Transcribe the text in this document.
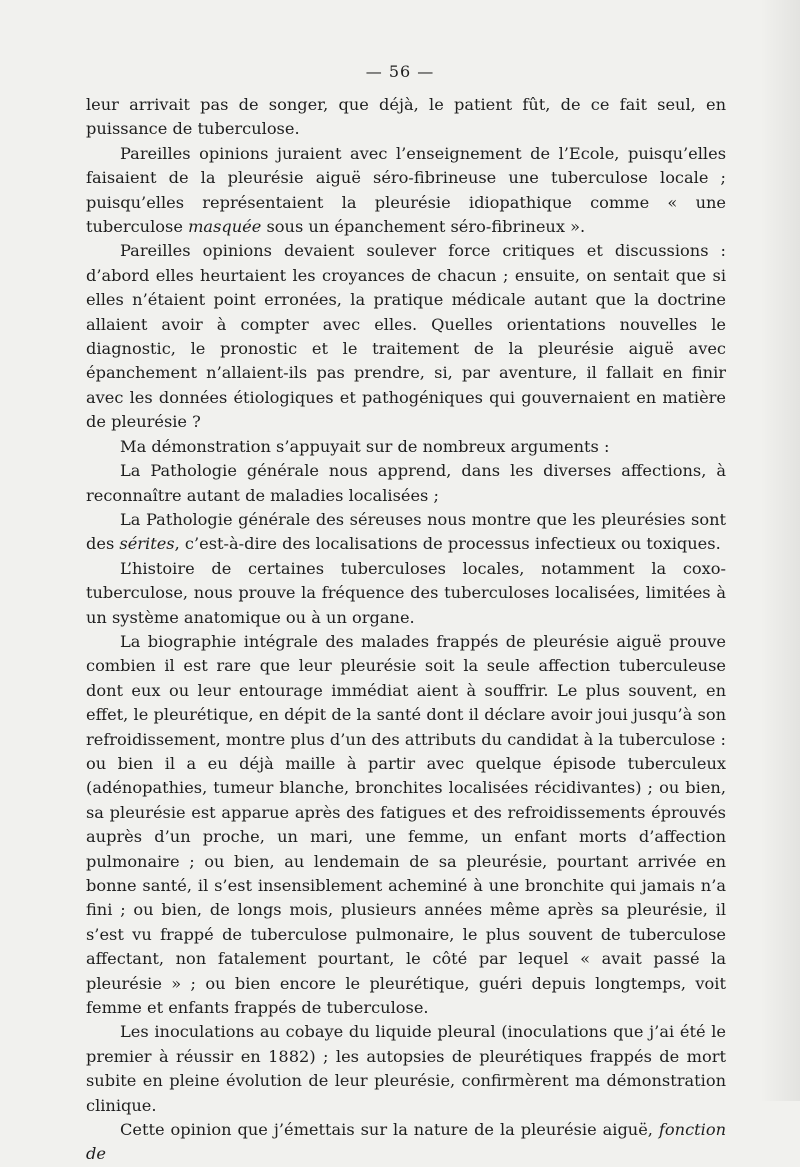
— 56 —

leur arrivait pas de songer, que déjà, le patient fût, de ce fait seul, en puissance de tuberculose.

Pareilles opinions juraient avec l’enseignement de l’Ecole, puisqu’elles faisaient de la pleurésie aiguë séro-fibrineuse une tuberculose locale ; puisqu’elles représentaient la pleurésie idiopathique comme « une tuberculose masquée sous un épanchement séro-fibrineux ».

Pareilles opinions devaient soulever force critiques et discussions : d’abord elles heurtaient les croyances de chacun ; ensuite, on sentait que si elles n’étaient point erronées, la pratique médicale autant que la doctrine allaient avoir à compter avec elles. Quelles orientations nouvelles le diagnostic, le pronostic et le traitement de la pleurésie aiguë avec épanchement n’allaient-ils pas prendre, si, par aventure, il fallait en finir avec les données étiologiques et pathogéniques qui gouvernaient en matière de pleurésie ?

Ma démonstration s’appuyait sur de nombreux arguments :

La Pathologie générale nous apprend, dans les diverses affections, à reconnaître autant de maladies localisées ;

La Pathologie générale des séreuses nous montre que les pleurésies sont des sérites, c’est-à-dire des localisations de processus infectieux ou toxiques.

L’histoire de certaines tuberculoses locales, notamment la coxo-tuberculose, nous prouve la fréquence des tuberculoses localisées, limitées à un système anatomique ou à un organe.

La biographie intégrale des malades frappés de pleurésie aiguë prouve combien il est rare que leur pleurésie soit la seule affection tuberculeuse dont eux ou leur entourage immédiat aient à souffrir. Le plus souvent, en effet, le pleurétique, en dépit de la santé dont il déclare avoir joui jusqu’à son refroidissement, montre plus d’un des attributs du candidat à la tuberculose : ou bien il a eu déjà maille à partir avec quelque épisode tuberculeux (adénopathies, tumeur blanche, bronchites localisées récidivantes) ; ou bien, sa pleurésie est apparue après des fatigues et des refroidissements éprouvés auprès d’un proche, un mari, une femme, un enfant morts d’affection pulmonaire ; ou bien, au lendemain de sa pleurésie, pourtant arrivée en bonne santé, il s’est insensiblement acheminé à une bronchite qui jamais n’a fini ; ou bien, de longs mois, plusieurs années même après sa pleurésie, il s’est vu frappé de tuberculose pulmonaire, le plus souvent de tuberculose affectant, non fatalement pourtant, le côté par lequel « avait passé la pleurésie » ; ou bien encore le pleurétique, guéri depuis longtemps, voit femme et enfants frappés de tuberculose.

Les inoculations au cobaye du liquide pleural (inoculations que j’ai été le premier à réussir en 1882) ; les autopsies de pleurétiques frappés de mort subite en pleine évolution de leur pleurésie, confirmèrent ma démonstration clinique.

Cette opinion que j’émettais sur la nature de la pleurésie aiguë, fonction de
